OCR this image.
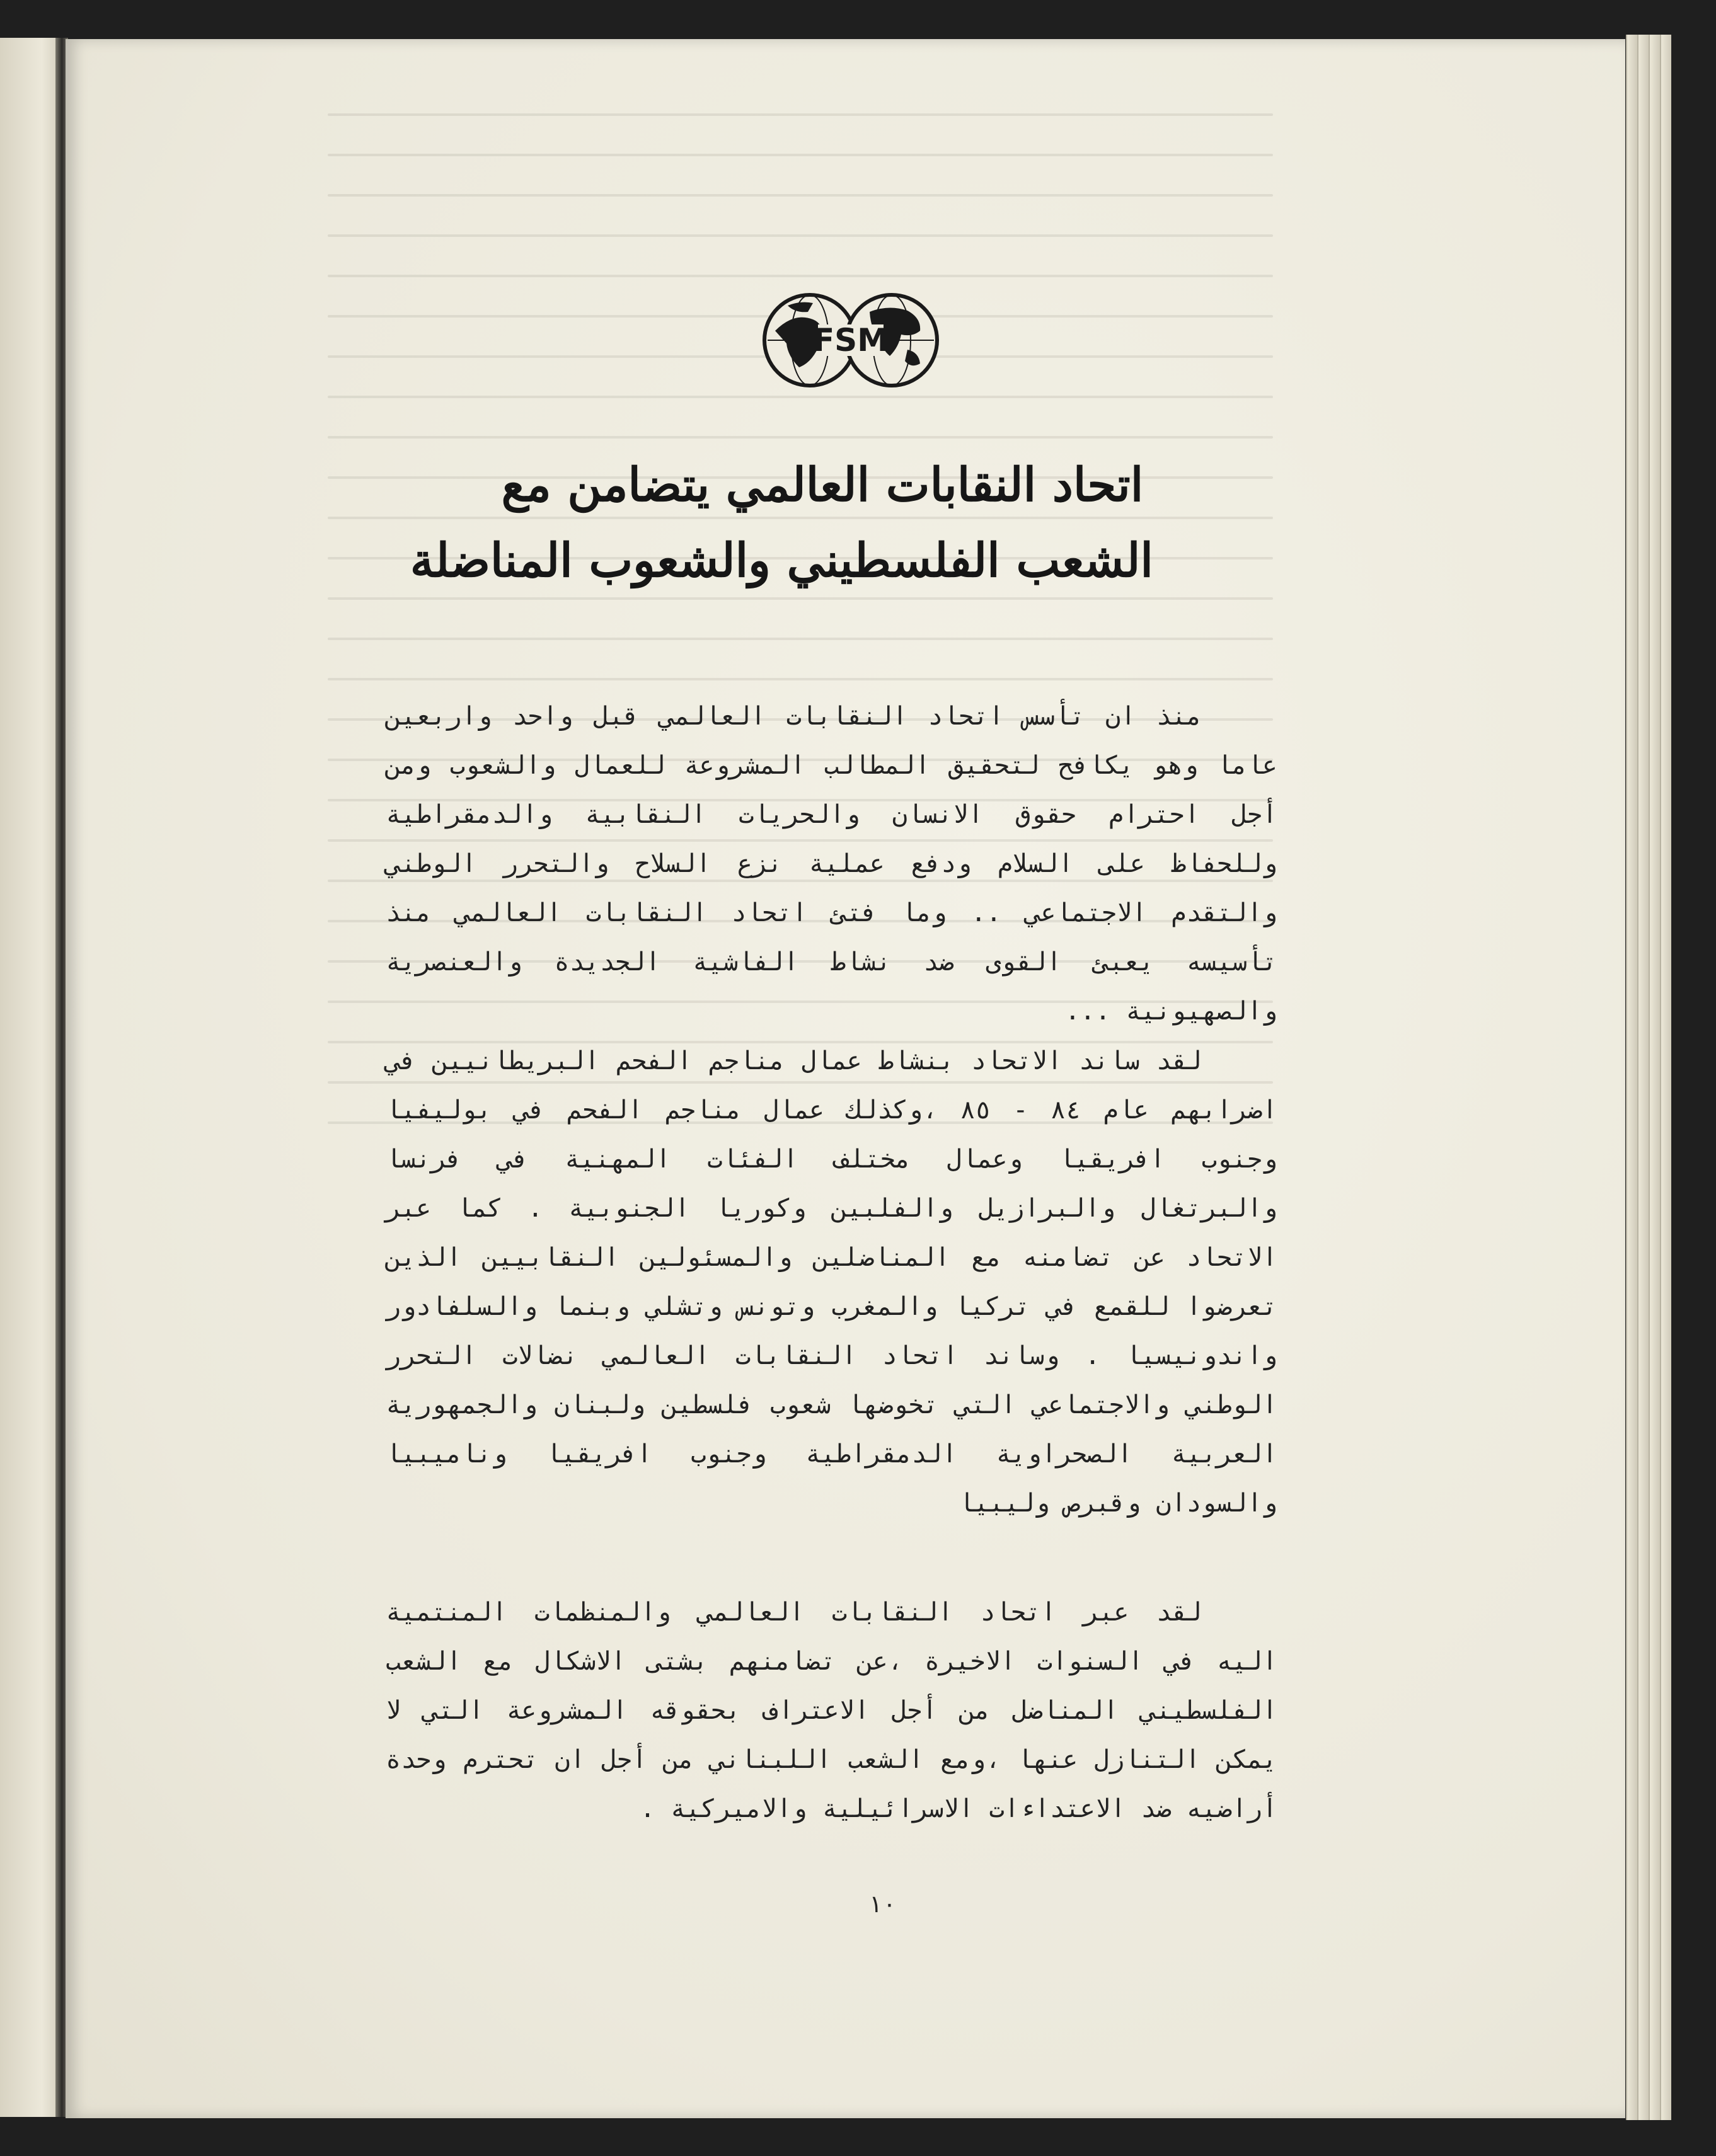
FSM
اتحاد النقابات العالمي يتضامن مع
الشعب الفلسطيني والشعوب المناضلة

منذ ان تأسس اتحاد النقابات العالمي قبل واحد واربعين عاما وهو يكافح لتحقيق المطالب المشروعة للعمال والشعوب ومن أجل احترام حقوق الانسان والحريات النقابية والدمقراطية وللحفاظ على السلام ودفع عملية نزع السلاح والتحرر الوطني والتقدم الاجتماعي .. وما فتئ اتحاد النقابات العالمي منذ تأسيسه يعبئ القوى ضد نشاط الفاشية الجديدة والعنصرية والصهيونية ...

لقد ساند الاتحاد بنشاط عمال مناجم الفحم البريطانيين في اضرابهم عام ٨٤ - ٨٥ ،وكذلك عمال مناجم الفحم في بوليفيا وجنوب افريقيا وعمال مختلف الفئات المهنية في فرنسا والبرتغال والبرازيل والفلبين وكوريا الجنوبية . كما عبر الاتحاد عن تضامنه مع المناضلين والمسئولين النقابيين الذين تعرضوا للقمع في تركيا والمغرب وتونس وتشلي وبنما والسلفادور واندونيسيا . وساند اتحاد النقابات العالمي نضالات التحرر الوطني والاجتماعي التي تخوضها شعوب فلسطين ولبنان والجمهورية العربية الصحراوية الدمقراطية وجنوب افريقيا وناميبيا والسودان وقبرص وليبيا

لقد عبر اتحاد النقابات العالمي والمنظمات المنتمية اليه في السنوات الاخيرة ،عن تضامنهم بشتى الاشكال مع الشعب الفلسطيني المناضل من أجل الاعتراف بحقوقه المشروعة التي لا يمكن التنازل عنها ،ومع الشعب اللبناني من أجل ان تحترم وحدة أراضيه ضد الاعتداءات الاسرائيلية والاميركية .

١٠
